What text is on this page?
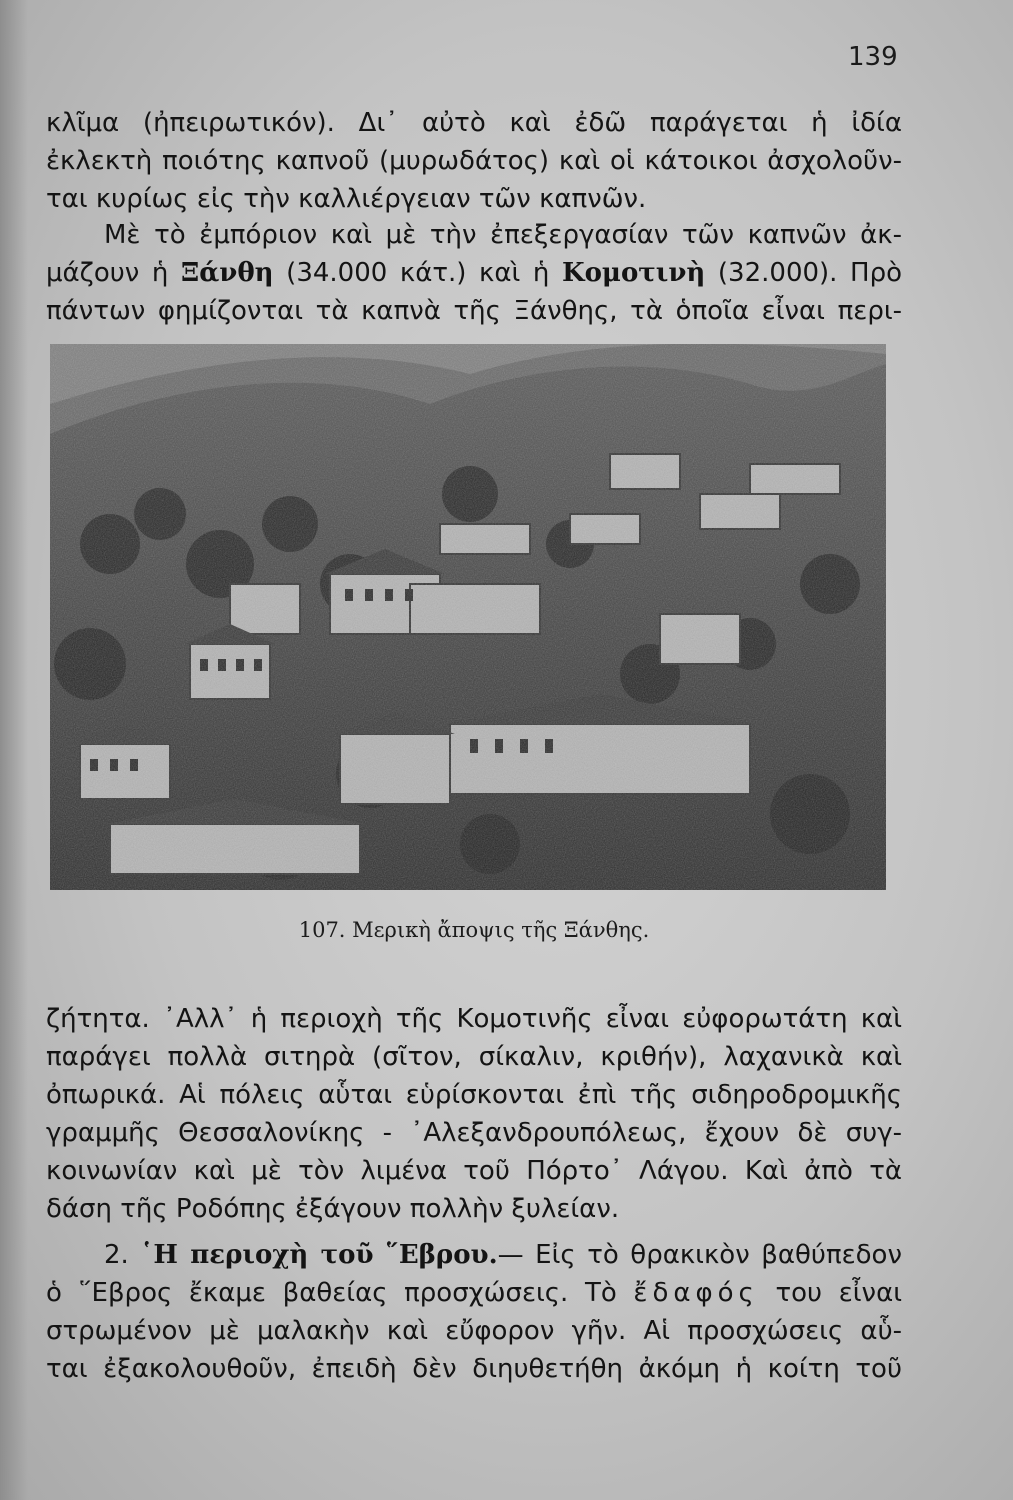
139

κλῖμα (ἠπειρωτικόν). Δι᾽ αὐτὸ καὶ ἐδῶ παράγεται ἡ ἰδία
ἐκλεκτὴ ποιότης καπνοῦ (μυρωδάτος) καὶ οἱ κάτοικοι ἀσχολοῦν-
ται κυρίως εἰς τὴν καλλιέργειαν τῶν καπνῶν.

Μὲ τὸ ἐμπόριον καὶ μὲ τὴν ἐπεξεργασίαν τῶν καπνῶν ἀκ-
μάζουν ἡ Ξάνθη (34.000 κάτ.) καὶ ἡ Κομοτινὴ (32.000). Πρὸ
πάντων φημίζονται τὰ καπνὰ τῆς Ξάνθης, τὰ ὁποῖα εἶναι περι-

107. Μερικὴ ἄποψις τῆς Ξάνθης.

ζήτητα. ᾽Αλλ᾽ ἡ περιοχὴ τῆς Κομοτινῆς εἶναι εὐφορωτάτη καὶ
παράγει πολλὰ σιτηρὰ (σῖτον, σίκαλιν, κριθήν), λαχανικὰ καὶ
ὀπωρικά. Αἱ πόλεις αὗται εὑρίσκονται ἐπὶ τῆς σιδηροδρομικῆς
γραμμῆς Θεσσαλονίκης - ᾽Αλεξανδρουπόλεως, ἔχουν δὲ συγ-
κοινωνίαν καὶ μὲ τὸν λιμένα τοῦ Πόρτο᾽ Λάγου. Καὶ ἀπὸ τὰ
δάση τῆς Ροδόπης ἐξάγουν πολλὴν ξυλείαν.

2. ῾Η περιοχὴ τοῦ ῞Εβρου.— Εἰς τὸ θρακικὸν βαθύπεδον
ὁ ῞Εβρος ἔκαμε βαθείας προσχώσεις. Τὸ ἔδαφός του εἶναι
στρωμένον μὲ μαλακὴν καὶ εὔφορον γῆν. Αἱ προσχώσεις αὗ-
ται ἐξακολουθοῦν, ἐπειδὴ δὲν διηυθετήθη ἀκόμη ἡ κοίτη τοῦ
